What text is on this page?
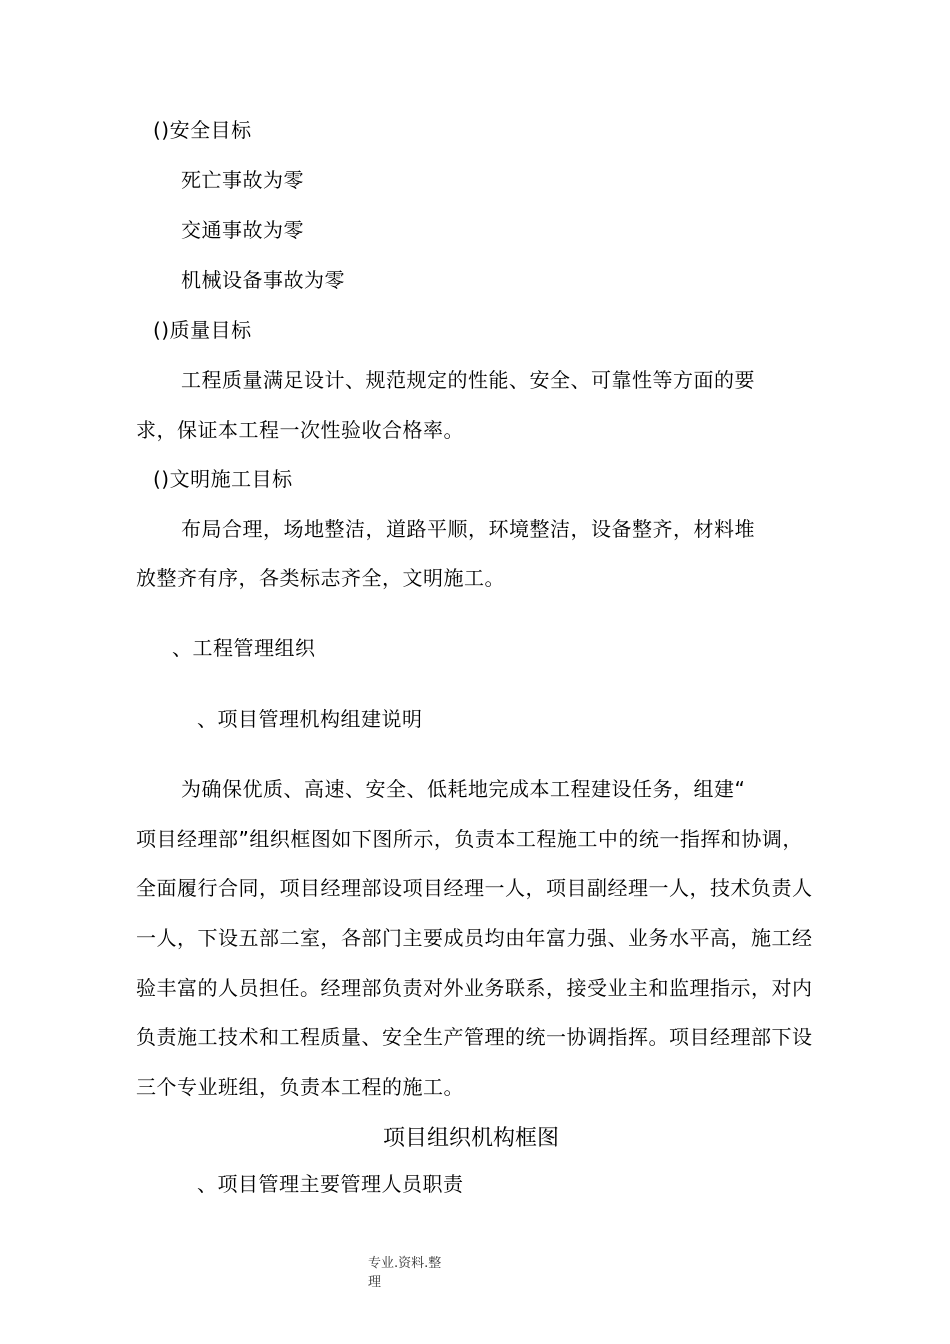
()安全目标
死亡事故为零
交通事故为零
机械设备事故为零
()质量目标
工程质量满足设计、规范规定的性能、安全、可靠性等方面的要
求，保证本工程一次性验收合格率。
()文明施工目标
布局合理，场地整洁，道路平顺，环境整洁，设备整齐，材料堆
放整齐有序，各类标志齐全，文明施工。
、工程管理组织
、项目管理机构组建说明
为确保优质、高速、安全、低耗地完成本工程建设任务，组建“
项目经理部”组织框图如下图所示，负责本工程施工中的统一指挥和协调，
全面履行合同，项目经理部设项目经理一人，项目副经理一人，技术负责人
一人，下设五部二室，各部门主要成员均由年富力强、业务水平高，施工经
验丰富的人员担任。经理部负责对外业务联系，接受业主和监理指示，对内
负责施工技术和工程质量、安全生产管理的统一协调指挥。项目经理部下设
三个专业班组，负责本工程的施工。
项目组织机构框图
、项目管理主要管理人员职责
专业.资料.整
理
